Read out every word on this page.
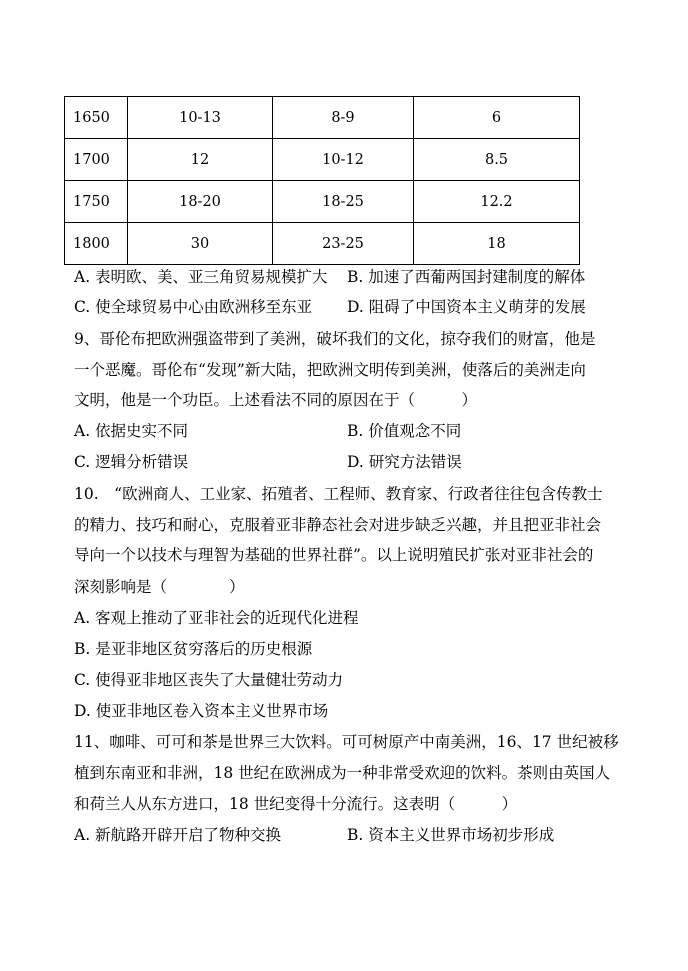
1650	10-13	8-9	6
1700	12	10-12	8.5
1750	18-20	18-25	12.2
1800	30	23-25	18
A. 表明欧、美、亚三角贸易规模扩大 B. 加速了西葡两国封建制度的解体
C. 使全球贸易中心由欧洲移至东亚 D. 阻碍了中国资本主义萌芽的发展
9、哥伦布把欧洲强盗带到了美洲，破坏我们的文化，掠夺我们的财富，他是
一个恶魔。哥伦布“发现”新大陆，把欧洲文明传到美洲，使落后的美洲走向
文明，他是一个功臣。上述看法不同的原因在于（　　　）
A. 依据史实不同	B. 价值观念不同
C. 逻辑分析错误	D. 研究方法错误
10.　“欧洲商人、工业家、拓殖者、工程师、教育家、行政者往往包含传教士
的精力、技巧和耐心，克服着亚非静态社会对进步缺乏兴趣，并且把亚非社会
导向一个以技术与理智为基础的世界社群”。以上说明殖民扩张对亚非社会的
深刻影响是（　　　　）
A. 客观上推动了亚非社会的近现代化进程
B. 是亚非地区贫穷落后的历史根源
C. 使得亚非地区丧失了大量健壮劳动力
D. 使亚非地区卷入资本主义世界市场
11、咖啡、可可和茶是世界三大饮料。可可树原产中南美洲，16、17 世纪被移
植到东南亚和非洲，18 世纪在欧洲成为一种非常受欢迎的饮料。茶则由英国人
和荷兰人从东方进口，18 世纪变得十分流行。这表明（　　　）
A. 新航路开辟开启了物种交换	B. 资本主义世界市场初步形成
